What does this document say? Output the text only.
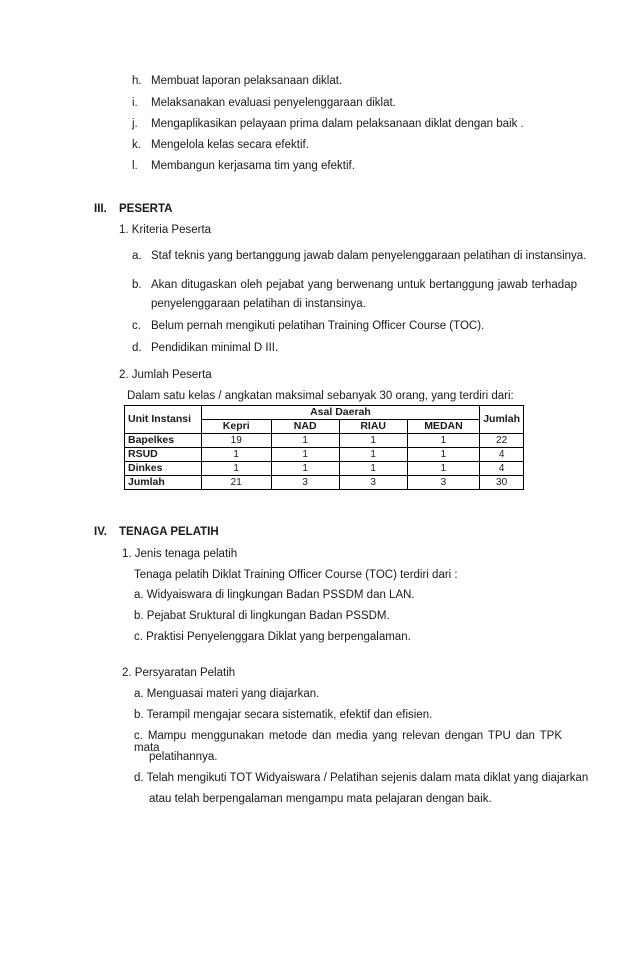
h. Membuat laporan pelaksanaan diklat.
i. Melaksanakan evaluasi penyelenggaraan diklat.
j. Mengaplikasikan pelayaan prima dalam pelaksanaan diklat dengan baik .
k. Mengelola kelas secara efektif.
l. Membangun kerjasama tim yang efektif.
III. PESERTA
1. Kriteria Peserta
a. Staf teknis yang bertanggung jawab dalam penyelenggaraan pelatihan di instansinya.
b. Akan ditugaskan oleh pejabat yang berwenang untuk bertanggung jawab terhadap
penyelenggaraan pelatihan di instansinya.
c. Belum pernah mengikuti pelatihan Training Officer Course (TOC).
d. Pendidikan minimal D III.
2. Jumlah Peserta
Dalam satu kelas / angkatan maksimal sebanyak 30 orang, yang terdiri dari:
Unit Instansi	Asal Daerah				Jumlah
	Kepri	NAD	RIAU	MEDAN	
Bapelkes	19	1	1	1	22
RSUD	1	1	1	1	4
Dinkes	1	1	1	1	4
Jumlah	21	3	3	3	30
IV. TENAGA PELATIH
1. Jenis tenaga pelatih
Tenaga pelatih Diklat Training Officer Course (TOC) terdiri dari :
a. Widyaiswara di lingkungan Badan PSSDM dan LAN.
b. Pejabat Sruktural di lingkungan Badan PSSDM.
c. Praktisi Penyelenggara Diklat yang berpengalaman.
2. Persyaratan Pelatih
a. Menguasai materi yang diajarkan.
b. Terampil mengajar secara sistematik, efektif dan efisien.
c. Mampu menggunakan metode dan media yang relevan dengan TPU dan TPK mata
pelatihannya.
d. Telah mengikuti TOT Widyaiswara / Pelatihan sejenis dalam mata diklat yang diajarkan
atau telah berpengalaman mengampu mata pelajaran dengan baik.
